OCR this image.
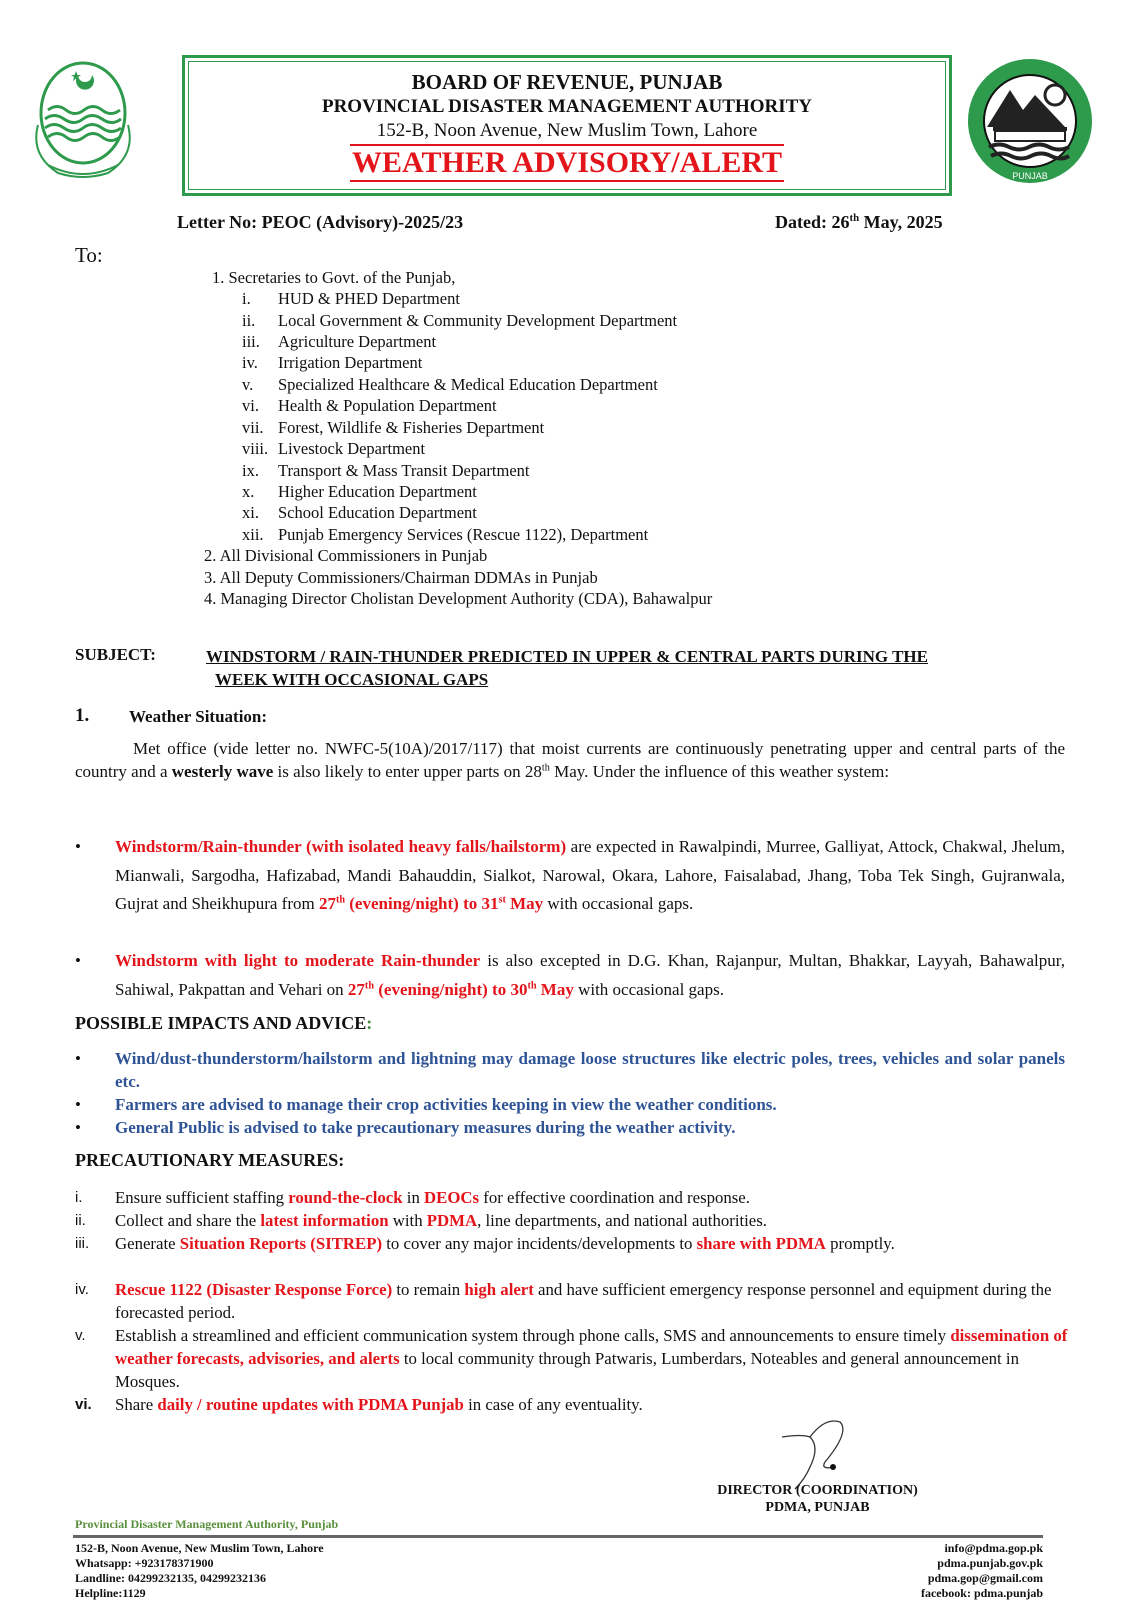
BOARD OF REVENUE, PUNJAB
PROVINCIAL DISASTER MANAGEMENT AUTHORITY
152-B, Noon Avenue, New Muslim Town, Lahore
WEATHER ADVISORY/ALERT	PUNJAB
Letter No: PEOC (Advisory)-2025/23	Dated: 26th May, 2025
To:
1. Secretaries to Govt. of the Punjab,
i. HUD & PHED Department
ii. Local Government & Community Development Department
iii. Agriculture Department
iv. Irrigation Department
v. Specialized Healthcare & Medical Education Department
vi. Health & Population Department
vii. Forest, Wildlife & Fisheries Department
viii. Livestock Department
ix. Transport & Mass Transit Department
x. Higher Education Department
xi. School Education Department
xii. Punjab Emergency Services (Rescue 1122), Department
2. All Divisional Commissioners in Punjab
3. All Deputy Commissioners/Chairman DDMAs in Punjab
4. Managing Director Cholistan Development Authority (CDA), Bahawalpur
SUBJECT:	WINDSTORM / RAIN-THUNDER PREDICTED IN UPPER & CENTRAL PARTS DURING THE
WEEK WITH OCCASIONAL GAPS
1. Weather Situation:
Met office (vide letter no. NWFC-5(10A)/2017/117) that moist currents are continuously penetrating upper and central parts of the country and a westerly wave is also likely to enter upper parts on 28th May. Under the influence of this weather system:
• Windstorm/Rain-thunder (with isolated heavy falls/hailstorm) are expected in Rawalpindi, Murree, Galliyat, Attock, Chakwal, Jhelum, Mianwali, Sargodha, Hafizabad, Mandi Bahauddin, Sialkot, Narowal, Okara, Lahore, Faisalabad, Jhang, Toba Tek Singh, Gujranwala, Gujrat and Sheikhupura from 27th (evening/night) to 31st May with occasional gaps.
• Windstorm with light to moderate Rain-thunder is also excepted in D.G. Khan, Rajanpur, Multan, Bhakkar, Layyah, Bahawalpur, Sahiwal, Pakpattan and Vehari on 27th (evening/night) to 30th May with occasional gaps.
POSSIBLE IMPACTS AND ADVICE:
• Wind/dust-thunderstorm/hailstorm and lightning may damage loose structures like electric poles, trees, vehicles and solar panels etc.
• Farmers are advised to manage their crop activities keeping in view the weather conditions.
• General Public is advised to take precautionary measures during the weather activity.
PRECAUTIONARY MEASURES:
i. Ensure sufficient staffing round-the-clock in DEOCs for effective coordination and response.
ii. Collect and share the latest information with PDMA, line departments, and national authorities.
iii. Generate Situation Reports (SITREP) to cover any major incidents/developments to share with PDMA promptly.
iv. Rescue 1122 (Disaster Response Force) to remain high alert and have sufficient emergency response personnel and equipment during the forecasted period.
v. Establish a streamlined and efficient communication system through phone calls, SMS and announcements to ensure timely dissemination of weather forecasts, advisories, and alerts to local community through Patwaris, Lumberdars, Noteables and general announcement in Mosques.
vi. Share daily / routine updates with PDMA Punjab in case of any eventuality.
DIRECTOR (COORDINATION)
PDMA, PUNJAB
Provincial Disaster Management Authority, Punjab
152-B, Noon Avenue, New Muslim Town, Lahore
Whatsapp: +923178371900
Landline: 04299232135, 04299232136
Helpline:1129
info@pdma.gop.pk
pdma.punjab.gov.pk
pdma.gop@gmail.com
facebook: pdma.punjab
